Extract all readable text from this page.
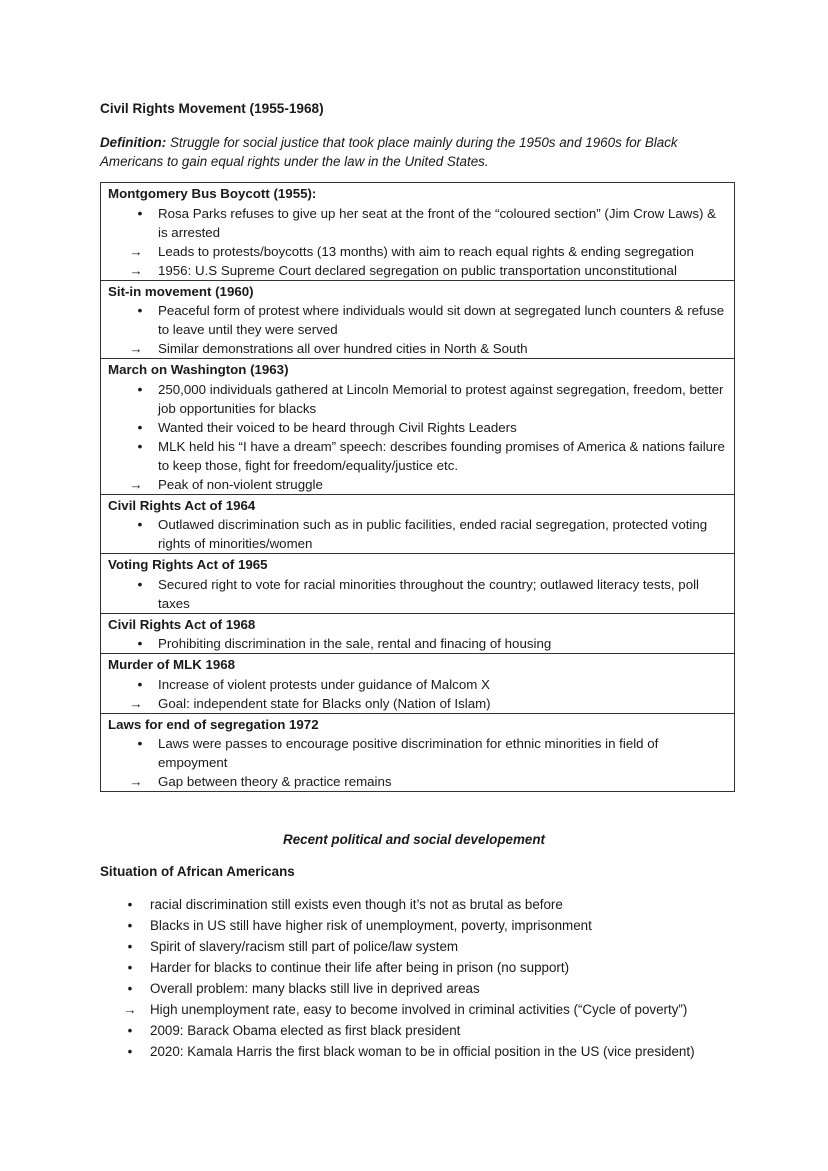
Civil Rights Movement (1955-1968)
Definition: Struggle for social justice that took place mainly during the 1950s and 1960s for Black Americans to gain equal rights under the law in the United States.
Montgomery Bus Boycott (1955):
•	Rosa Parks refuses to give up her seat at the front of the “coloured section” (Jim Crow Laws) & is arrested
→ Leads to protests/boycotts (13 months) with aim to reach equal rights & ending segregation
→ 1956: U.S Supreme Court declared segregation on public transportation unconstitutional

Sit-in movement (1960)
•	Peaceful form of protest where individuals would sit down at segregated lunch counters & refuse to leave until they were served
→ Similar demonstrations all over hundred cities in North & South

March on Washington (1963)
•	250,000 individuals gathered at Lincoln Memorial to protest against segregation, freedom, better job opportunities for blacks
•	Wanted their voiced to be heard through Civil Rights Leaders
•	MLK held his “I have a dream” speech: describes founding promises of America & nations failure to keep those, fight for freedom/equality/justice etc.
→ Peak of non-violent struggle

Civil Rights Act of 1964
•	Outlawed discrimination such as in public facilities, ended racial segregation, protected voting rights of minorities/women

Voting Rights Act of 1965
•	Secured right to vote for racial minorities throughout the country; outlawed literacy tests, poll taxes

Civil Rights Act of 1968
•	Prohibiting discrimination in the sale, rental and finacing of housing

Murder of MLK 1968
•	Increase of violent protests under guidance of Malcom X
→ Goal: independent state for Blacks only (Nation of Islam)

Laws for end of segregation 1972
•	Laws were passes to encourage positive discrimination for ethnic minorities in field of empoyment
→ Gap between theory & practice remains
Recent political and social developement
Situation of African Americans
•	racial discrimination still exists even though it’s not as brutal as before
•	Blacks in US still have higher risk of unemployment, poverty, imprisonment
•	Spirit of slavery/racism still part of police/law system
•	Harder for blacks to continue their life after being in prison (no support)
•	Overall problem: many blacks still live in deprived areas
→ High unemployment rate, easy to become involved in criminal activities (“Cycle of poverty”)
•	2009: Barack Obama elected as first black president
•	2020: Kamala Harris the first black woman to be in official position in the US (vice president)
